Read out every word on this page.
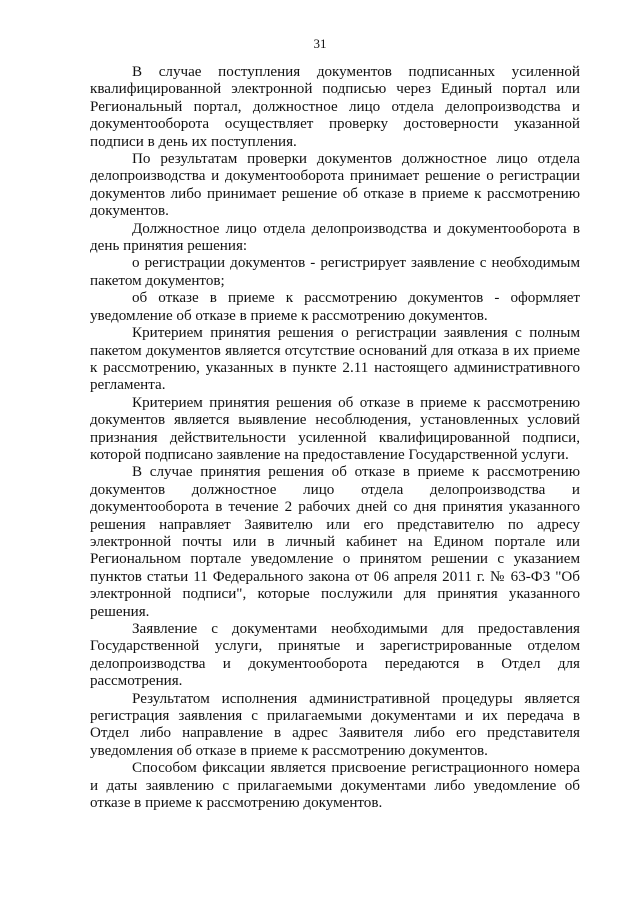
31

В случае поступления документов подписанных усиленной квалифицированной электронной подписью через Единый портал или Региональный портал, должностное лицо отдела делопроизводства и документооборота осуществляет проверку достоверности указанной подписи в день их поступления.

По результатам проверки документов должностное лицо отдела делопроизводства и документооборота принимает решение о регистрации документов либо принимает решение об отказе в приеме к рассмотрению документов.

Должностное лицо отдела делопроизводства и документооборота в день принятия решения:

о регистрации документов - регистрирует заявление с необходимым пакетом документов;

об отказе в приеме к рассмотрению документов - оформляет уведомление об отказе в приеме к рассмотрению документов.

Критерием принятия решения о регистрации заявления с полным пакетом документов является отсутствие оснований для отказа в их приеме к рассмотрению, указанных в пункте 2.11 настоящего административного регламента.

Критерием принятия решения об отказе в приеме к рассмотрению документов является выявление несоблюдения, установленных условий признания действительности усиленной квалифицированной подписи, которой подписано заявление на предоставление Государственной услуги.

В случае принятия решения об отказе в приеме к рассмотрению документов должностное лицо отдела делопроизводства и документооборота в течение 2 рабочих дней со дня принятия указанного решения направляет Заявителю или его представителю по адресу электронной почты или в личный кабинет на Едином портале или Региональном портале уведомление о принятом решении с указанием пунктов статьи 11 Федерального закона от 06 апреля 2011 г. № 63-ФЗ "Об электронной подписи", которые послужили для принятия указанного решения.

Заявление с документами необходимыми для предоставления Государственной услуги, принятые и зарегистрированные отделом делопроизводства и документооборота передаются в Отдел для рассмотрения.

Результатом исполнения административной процедуры является регистрация заявления с прилагаемыми документами и их передача в Отдел либо направление в адрес Заявителя либо его представителя уведомления об отказе в приеме к рассмотрению документов.

Способом фиксации является присвоение регистрационного номера и даты заявлению с прилагаемыми документами либо уведомление об отказе в приеме к рассмотрению документов.
